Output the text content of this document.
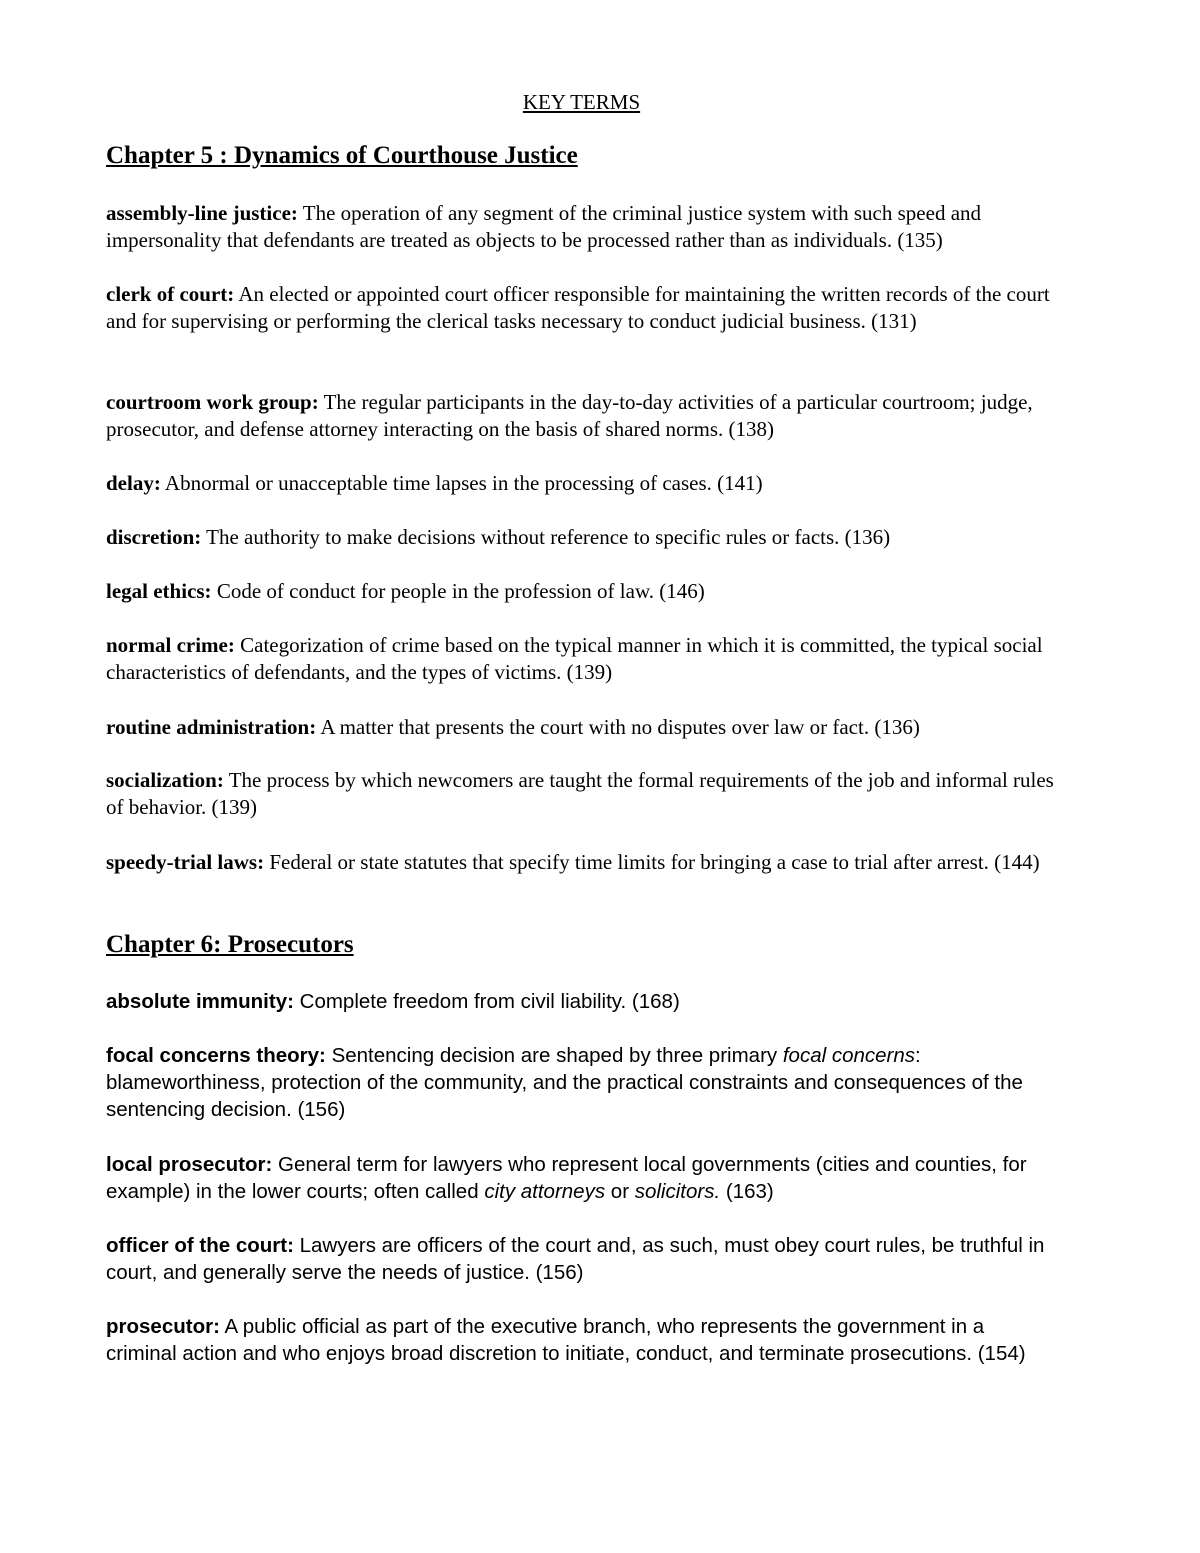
KEY TERMS
Chapter 5 : Dynamics of Courthouse Justice

assembly-line justice: The operation of any segment of the criminal justice system with such speed and impersonality that defendants are treated as objects to be processed rather than as individuals. (135)

clerk of court: An elected or appointed court officer responsible for maintaining the written records of the court and for supervising or performing the clerical tasks necessary to conduct judicial business. (131)

courtroom work group: The regular participants in the day-to-day activities of a particular courtroom; judge, prosecutor, and defense attorney interacting on the basis of shared norms. (138)

delay: Abnormal or unacceptable time lapses in the processing of cases. (141)

discretion: The authority to make decisions without reference to specific rules or facts. (136)

legal ethics: Code of conduct for people in the profession of law. (146)

normal crime: Categorization of crime based on the typical manner in which it is committed, the typical social characteristics of defendants, and the types of victims. (139)

routine administration: A matter that presents the court with no disputes over law or fact. (136)

socialization: The process by which newcomers are taught the formal requirements of the job and informal rules of behavior. (139)

speedy-trial laws: Federal or state statutes that specify time limits for bringing a case to trial after arrest. (144)

Chapter 6: Prosecutors

absolute immunity: Complete freedom from civil liability. (168)

focal concerns theory: Sentencing decision are shaped by three primary focal concerns: blameworthiness, protection of the community, and the practical constraints and consequences of the sentencing decision. (156)

local prosecutor: General term for lawyers who represent local governments (cities and counties, for example) in the lower courts; often called city attorneys or solicitors. (163)

officer of the court: Lawyers are officers of the court and, as such, must obey court rules, be truthful in court, and generally serve the needs of justice. (156)

prosecutor: A public official as part of the executive branch, who represents the government in a criminal action and who enjoys broad discretion to initiate, conduct, and terminate prosecutions. (154)
